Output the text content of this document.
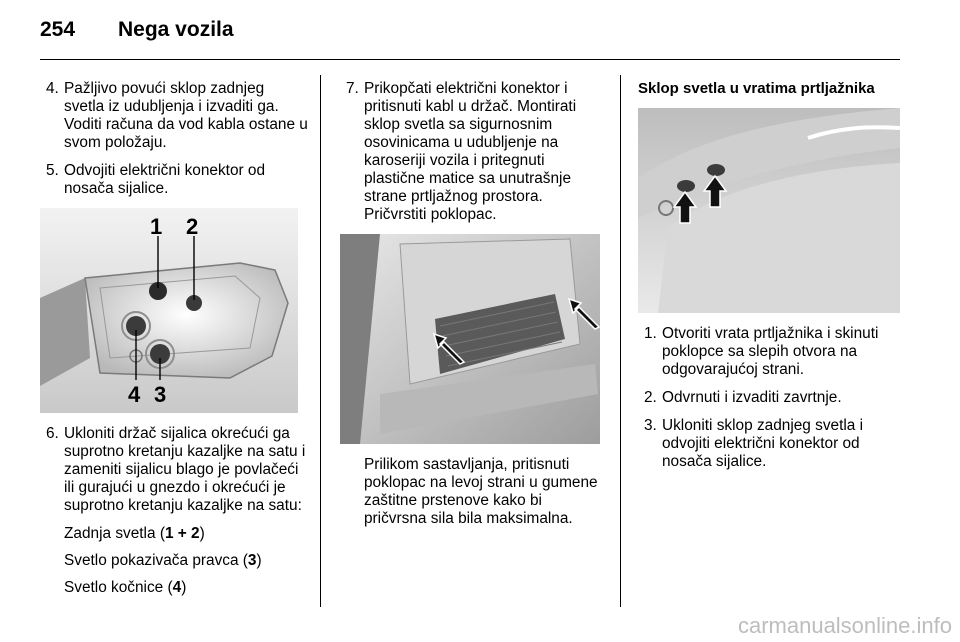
254 Nega vozila
4. Pažljivo povući sklop zadnjeg svetla iz udubljenja i izvaditi ga. Voditi računa da vod kabla ostane u svom položaju.
5. Odvojiti električni konektor od nosača sijalice.
1 2
4 3
6. Ukloniti držač sijalica okrećući ga suprotno kretanju kazaljke na satu i zameniti sijalicu blago je povlačeći ili gurajući u gnezdo i okrećući je suprotno kretanju kazaljke na satu:
Zadnja svetla (1 + 2)
Svetlo pokazivača pravca (3)
Svetlo kočnice (4)
7. Prikopčati električni konektor i pritisnuti kabl u držač. Montirati sklop svetla sa sigurnosnim osovinicama u udubljenje na karoseriji vozila i pritegnuti plastične matice sa unutrašnje strane prtljažnog prostora. Pričvrstiti poklopac.
Prilikom sastavljanja, pritisnuti poklopac na levoj strani u gumene zaštitne prstenove kako bi pričvrsna sila bila maksimalna.
Sklop svetla u vratima prtljažnika
1. Otvoriti vrata prtljažnika i skinuti poklopce sa slepih otvora na odgovarajućoj strani.
2. Odvrnuti i izvaditi zavrtnje.
3. Ukloniti sklop zadnjeg svetla i odvojiti električni konektor od nosača sijalice.
carmanualsonline.info
